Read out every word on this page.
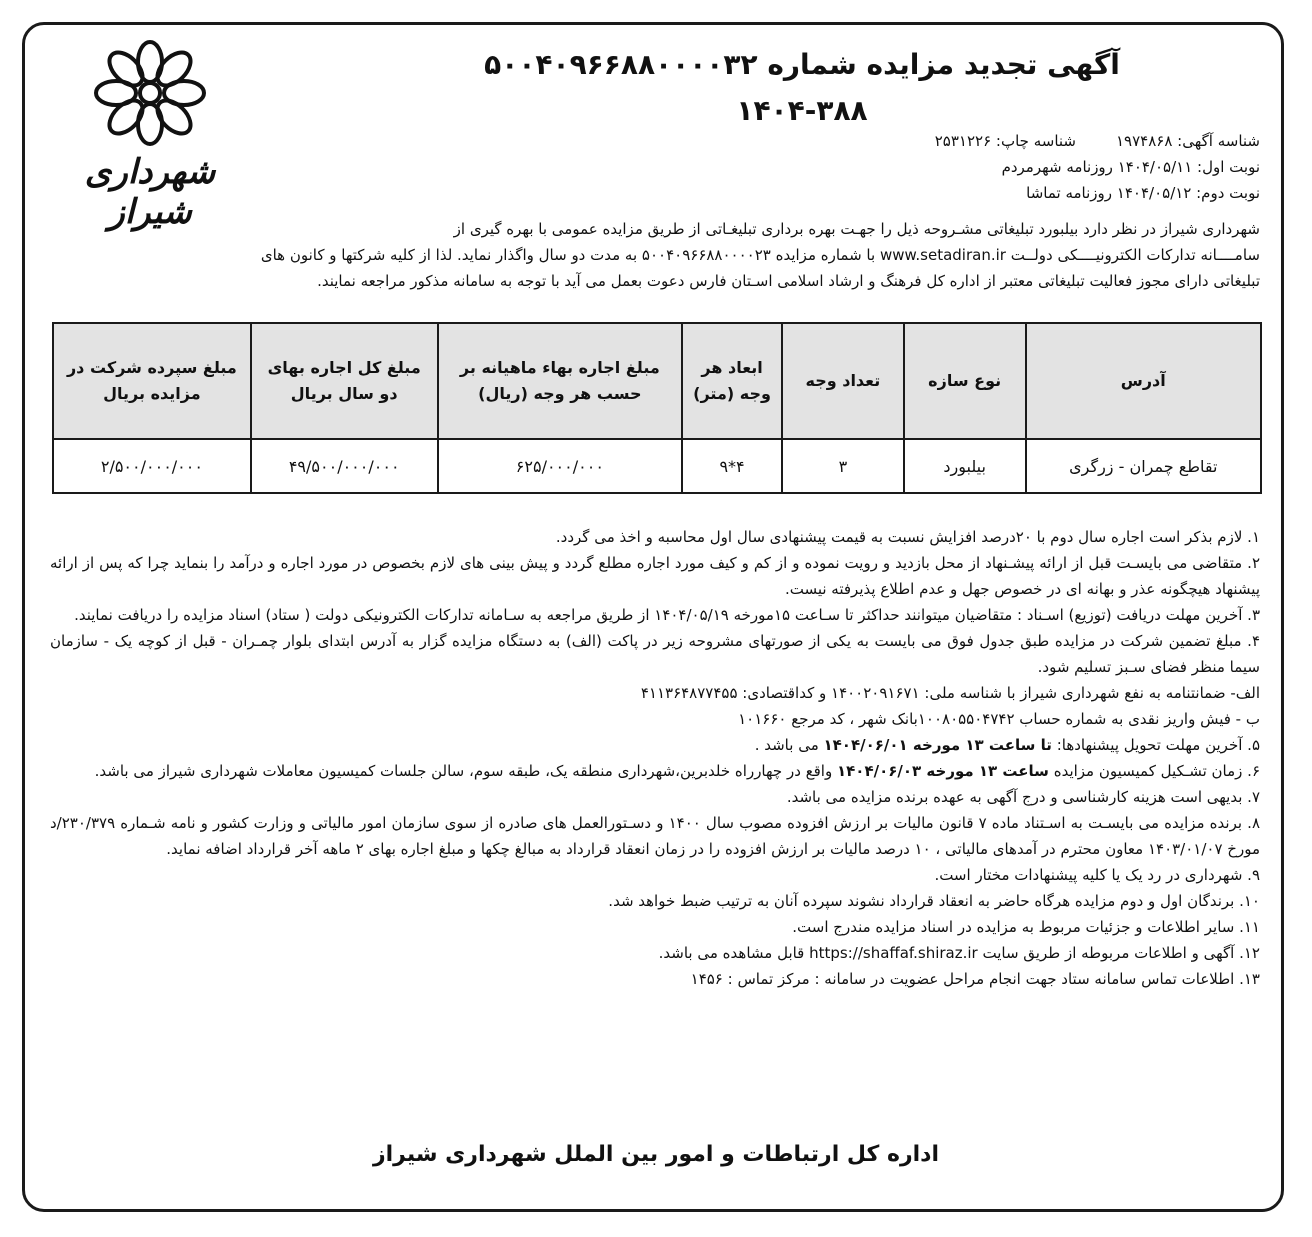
شهرداری شیراز
آگهی تجدید مزایده شماره ۵۰۰۴۰۹۶۶۸۸۰۰۰۰۳۲
۱۴۰۴-۳۸۸
شناسه آگهی: ۱۹۷۴۸۶۸شناسه چاپ: ۲۵۳۱۲۲۶
نوبت اول: ۱۴۰۴/۰۵/۱۱ روزنامه شهرمردم
نوبت دوم: ۱۴۰۴/۰۵/۱۲ روزنامه تماشا
شهرداری شیراز در نظر دارد بیلبورد تبلیغاتی مشـروحه ذیل را جهـت بهره برداری تبلیغـاتی از طریق مزایده عمومی با بهره گیری از
سامــــانه تدارکات الکترونیــــکی دولــت www.setadiran.ir با شماره مزایده ۵۰۰۴۰۹۶۶۸۸۰۰۰۰۲۳ به مدت دو سال واگذار نماید. لذا از کلیه شرکتها و کانون های
تبلیغاتی دارای مجوز فعالیت تبلیغاتی معتبر از اداره کل فرهنگ و ارشاد اسلامی اسـتان فارس دعوت بعمل می آید با توجه به سامانه مذکور مراجعه نمایند.
آدرس	نوع سازه	تعداد وجه	ابعاد هر وجه (متر)	مبلغ اجاره بهاء ماهیانه بر حسب هر وجه (ریال)	مبلغ کل اجاره بهای دو سال بریال	مبلغ سپرده شرکت در مزایده بریال
تقاطع چمران - زرگری	بیلبورد	۳	۴*۹	۶۲۵/۰۰۰/۰۰۰	۴۹/۵۰۰/۰۰۰/۰۰۰	۲/۵۰۰/۰۰۰/۰۰۰

۱. لازم بذکر است اجاره سال دوم با ۲۰درصد افزایش نسبت به قیمت پیشنهادی سال اول محاسبه و اخذ می گردد.

۲. متقاضی می بایسـت قبل از ارائه پیشـنهاد از محل بازدید و رویت نموده و از کم و کیف مورد اجاره مطلع گردد و پیش بینی های لازم بخصوص در مورد اجاره و درآمد را بنماید چرا که پس از ارائه پیشنهاد هیچگونه عذر و بهانه ای در خصوص جهل و عدم اطلاع پذیرفته نیست.

۳. آخرین مهلت دریافت (توزیع) اسـناد : متقاضیان میتوانند حداکثر تا سـاعت ۱۵مورخه ۱۴۰۴/۰۵/۱۹ از طریق مراجعه به سـامانه تدارکات الکترونیکی دولت ( ستاد) اسناد مزایده را دریافت نمایند.

۴. مبلغ تضمین شرکت در مزایده طبق جدول فوق می بایست به یکی از صورتهای مشروحه زیر در پاکت (الف) به دستگاه مزایده گزار به آدرس ابتدای بلوار چمـران - قبل از کوچه یک - سازمان سیما منظر فضای سـبز تسلیم شود.

الف- ضمانتنامه به نفع شهرداری شیراز با شناسه ملی: ۱۴۰۰۲۰۹۱۶۷۱ و کداقتصادی: ۴۱۱۳۶۴۸۷۷۴۵۵

ب - فیش واریز نقدی به شماره حساب ۱۰۰۸۰۵۵۰۴۷۴۲بانک شهر ، کد مرجع ۱۰۱۶۶۰

۵. آخرین مهلت تحویل پیشنهادها: تا ساعت ۱۳ مورخه ۱۴۰۴/۰۶/۰۱ می باشد .

۶. زمان تشـکیل کمیسیون مزایده ساعت ۱۳ مورخه ۱۴۰۴/۰۶/۰۳ واقع در چهارراه خلدبرین،شهرداری منطقه یک، طبقه سوم، سالن جلسات کمیسیون معاملات شهرداری شیراز می باشد.

۷. بدیهی است هزینه کارشناسی و درج آگهی به عهده برنده مزایده می باشد.

۸. برنده مزایده می بایسـت به اسـتناد ماده ۷ قانون مالیات بر ارزش افزوده مصوب سال ۱۴۰۰ و دسـتورالعمل های صادره از سوی سازمان امور مالیاتی و وزارت کشور و نامه شـماره ۲۳۰/۳۷۹/د مورخ ۱۴۰۳/۰۱/۰۷ معاون محترم در آمدهای مالیاتی ، ۱۰ درصد مالیات بر ارزش افزوده را در زمان انعقاد قرارداد به مبالغ چکها و مبلغ اجاره بهای ۲ ماهه آخر قرارداد اضافه نماید.

۹. شهرداری در رد یک یا کلیه پیشنهادات مختار است.

۱۰. برندگان اول و دوم مزایده هرگاه حاضر به انعقاد قرارداد نشوند سپرده آنان به ترتیب ضبط خواهد شد.

۱۱. سایر اطلاعات و جزئیات مربوط به مزایده در اسناد مزایده مندرج است.

۱۲. آگهی و اطلاعات مربوطه از طریق سایت https://shaffaf.shiraz.ir قابل مشاهده می باشد.

۱۳. اطلاعات تماس سامانه ستاد جهت انجام مراحل عضویت در سامانه : مرکز تماس : ۱۴۵۶

اداره کل ارتباطات و امور بین الملل شهرداری شیراز
